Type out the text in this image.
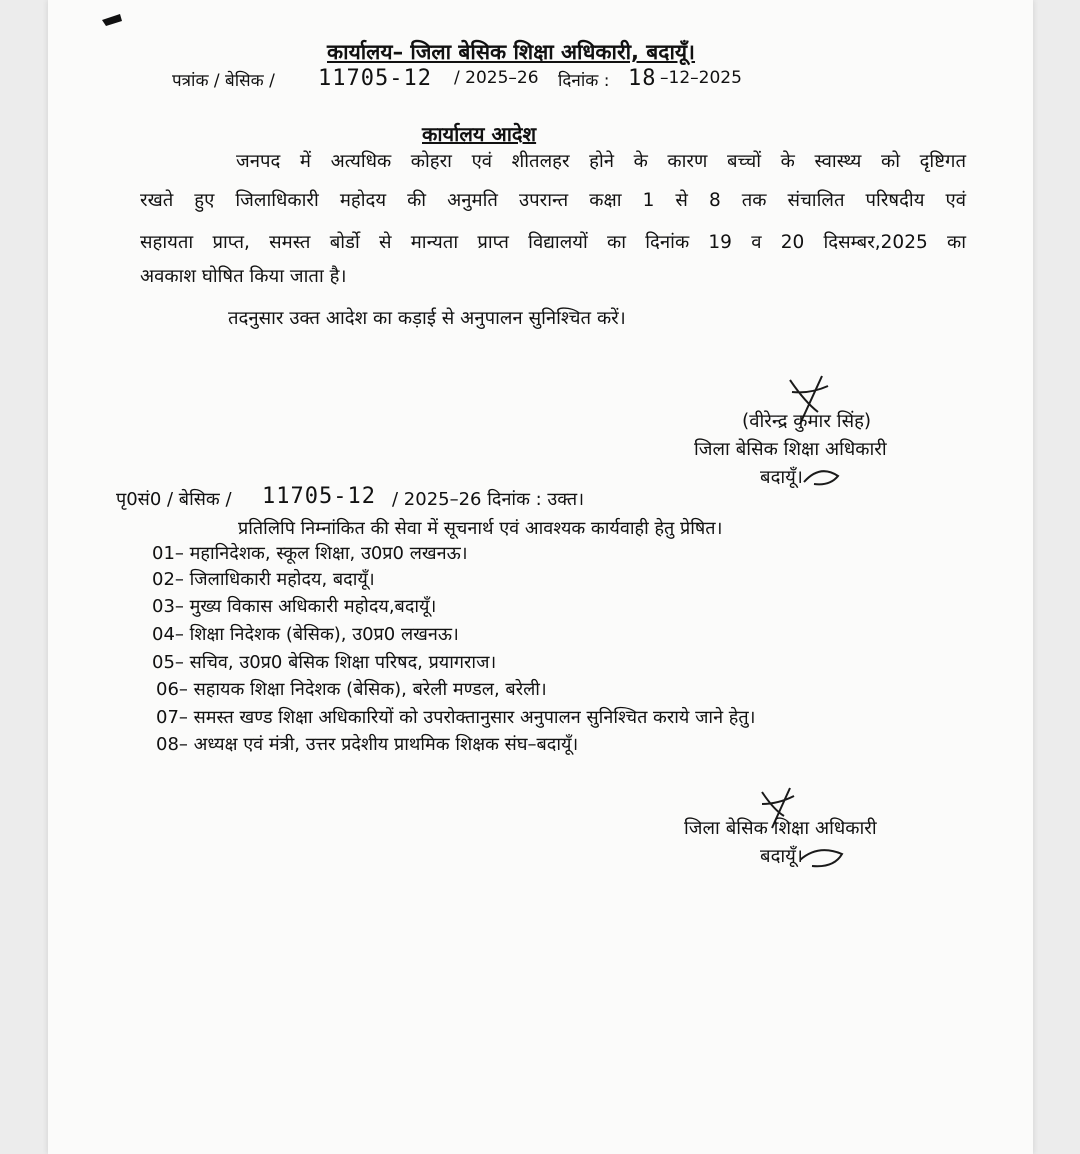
कार्यालय– जिला बेसिक शिक्षा अधिकारी, बदायूँ।
पत्रांक / बेसिक / 11705-12 / 2025–26 दिनांक : 18 –12–2025
कार्यालय आदेश
जनपद में अत्यधिक कोहरा एवं शीतलहर होने के कारण बच्चों के स्वास्थ्य को दृष्टिगत
रखते हुए जिलाधिकारी महोदय की अनुमति उपरान्त कक्षा 1 से 8 तक संचालित परिषदीय एवं
सहायता प्राप्त, समस्त बोर्डो से मान्यता प्राप्त विद्यालयों का दिनांक 19 व 20 दिसम्बर,2025 का
अवकाश घोषित किया जाता है।
तदनुसार उक्त आदेश का कड़ाई से अनुपालन सुनिश्चित करें।
(वीरेन्द्र कुमार सिंह)
जिला बेसिक शिक्षा अधिकारी
बदायूँ।
पृ0सं0 / बेसिक / 11705-12 / 2025–26 दिनांक : उक्त।
प्रतिलिपि निम्नांकित की सेवा में सूचनार्थ एवं आवश्यक कार्यवाही हेतु प्रेषित।
01– महानिदेशक, स्कूल शिक्षा, उ0प्र0 लखनऊ।
02– जिलाधिकारी महोदय, बदायूँ।
03– मुख्य विकास अधिकारी महोदय,बदायूँ।
04– शिक्षा निदेशक (बेसिक), उ0प्र0 लखनऊ।
05– सचिव, उ0प्र0 बेसिक शिक्षा परिषद, प्रयागराज।
06– सहायक शिक्षा निदेशक (बेसिक), बरेली मण्डल, बरेली।
07– समस्त खण्ड शिक्षा अधिकारियों को उपरोक्तानुसार अनुपालन सुनिश्चित कराये जाने हेतु।
08– अध्यक्ष एवं मंत्री, उत्तर प्रदेशीय प्राथमिक शिक्षक संघ–बदायूँ।
जिला बेसिक शिक्षा अधिकारी
बदायूँ।
